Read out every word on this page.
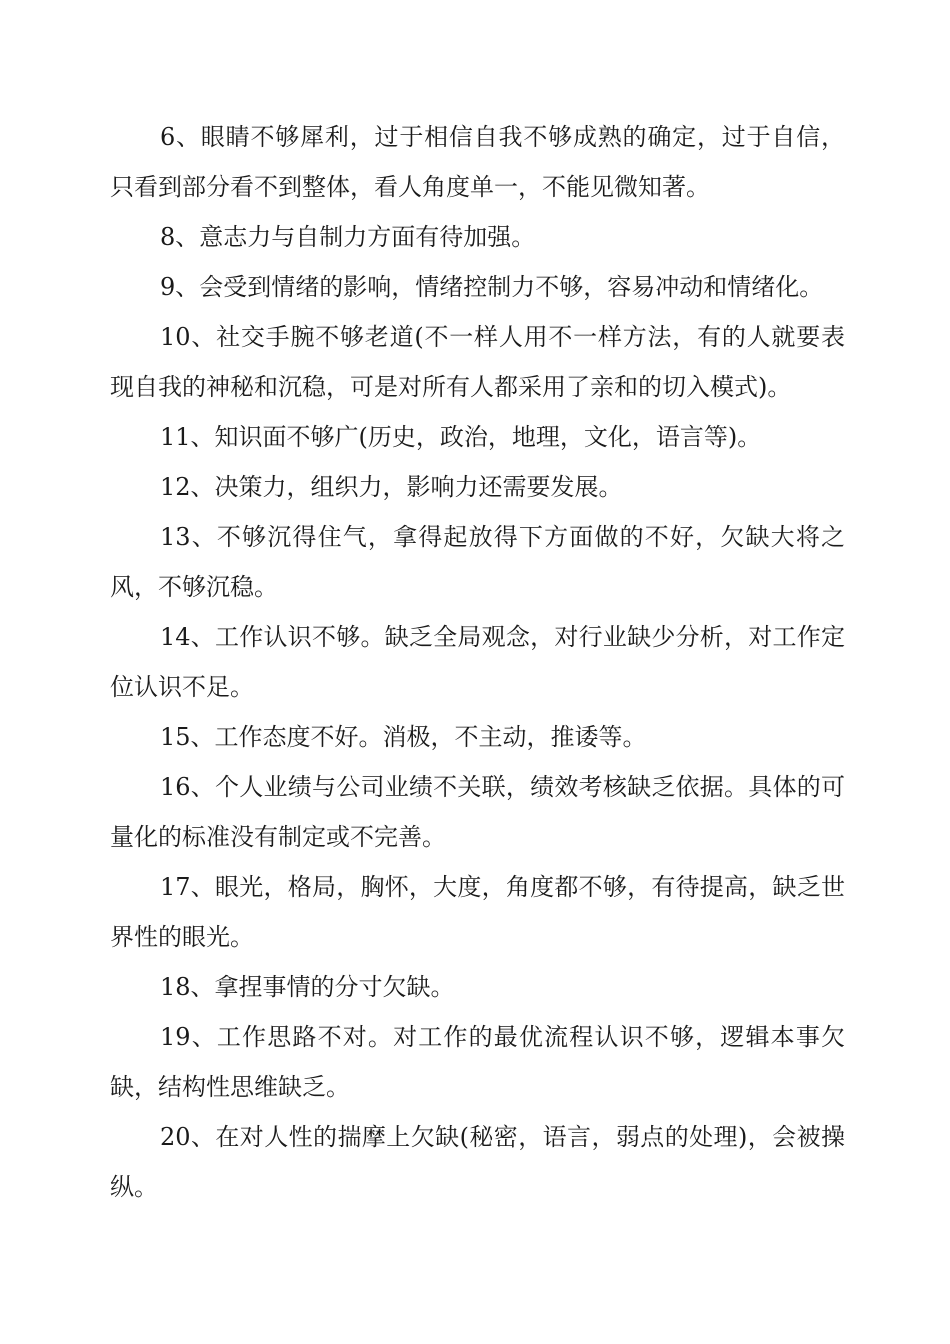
6、眼睛不够犀利，过于相信自我不够成熟的确定，过于自信，只看到部分看不到整体，看人角度单一，不能见微知著。

8、意志力与自制力方面有待加强。

9、会受到情绪的影响，情绪控制力不够，容易冲动和情绪化。

10、社交手腕不够老道(不一样人用不一样方法，有的人就要表现自我的神秘和沉稳，可是对所有人都采用了亲和的切入模式)。

11、知识面不够广(历史，政治，地理，文化，语言等)。

12、决策力，组织力，影响力还需要发展。

13、不够沉得住气，拿得起放得下方面做的不好，欠缺大将之风，不够沉稳。

14、工作认识不够。缺乏全局观念，对行业缺少分析，对工作定位认识不足。

15、工作态度不好。消极，不主动，推诿等。

16、个人业绩与公司业绩不关联，绩效考核缺乏依据。具体的可量化的标准没有制定或不完善。

17、眼光，格局，胸怀，大度，角度都不够，有待提高，缺乏世界性的眼光。

18、拿捏事情的分寸欠缺。

19、工作思路不对。对工作的最优流程认识不够，逻辑本事欠缺，结构性思维缺乏。

20、在对人性的揣摩上欠缺(秘密，语言，弱点的处理)，会被操纵。
